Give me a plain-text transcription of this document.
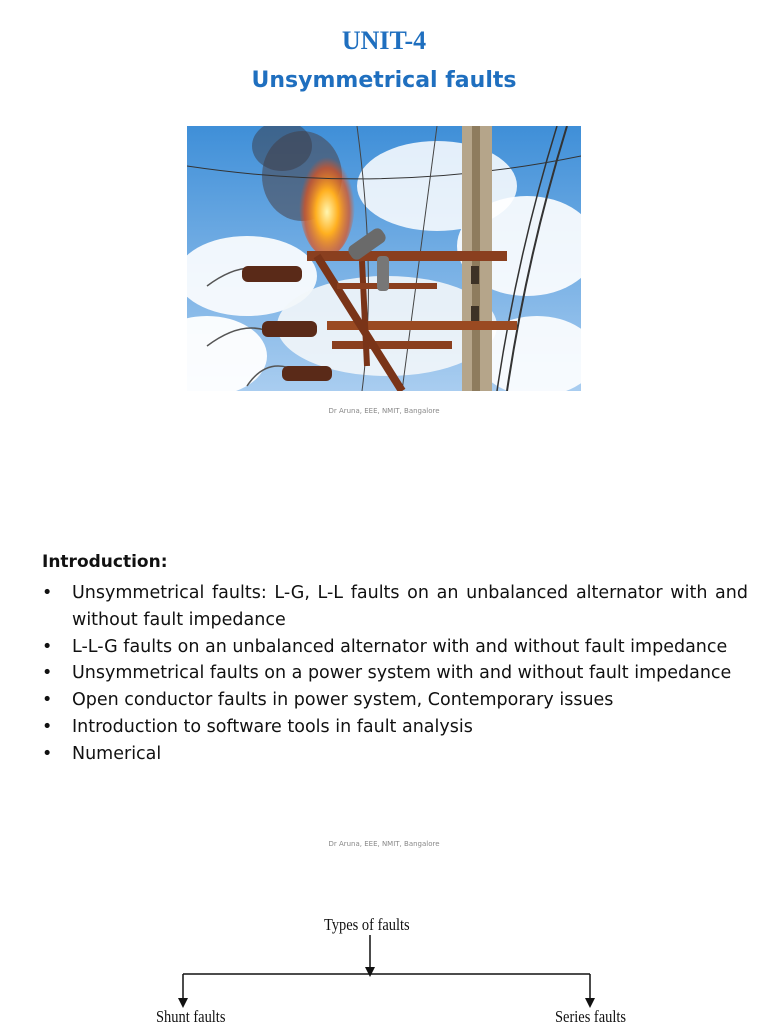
UNIT-4
Unsymmetrical faults
Dr Aruna, EEE, NMIT, Bangalore
Introduction:
• Unsymmetrical faults: L-G, L-L faults on an unbalanced alternator with and without fault impedance
• L-L-G faults on an unbalanced alternator with and without fault impedance
• Unsymmetrical faults on a power system with and without fault impedance
• Open conductor faults in power system, Contemporary issues
• Introduction to software tools in fault analysis
• Numerical
Dr Aruna, EEE, NMIT, Bangalore
Types of faults
Shunt faults	Series faults
